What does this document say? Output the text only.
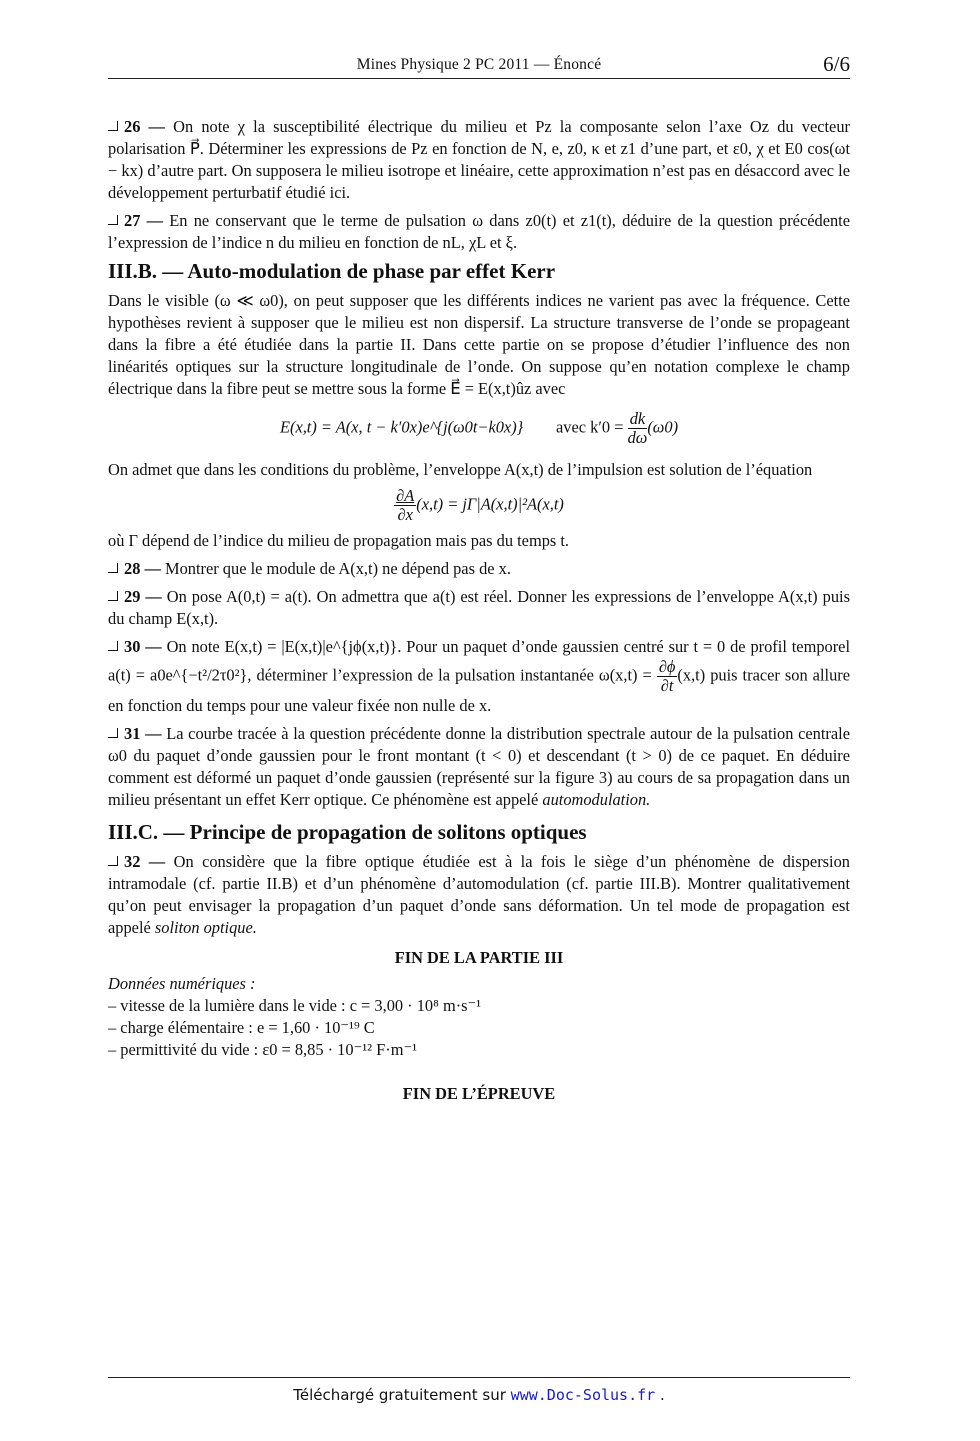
Mines Physique 2 PC 2011 — Énoncé	6/6

26 — On note χ la susceptibilité électrique du milieu et Pz la composante selon l’axe Oz du vecteur polarisation P⃗. Déterminer les expressions de Pz en fonction de N, e, z0, κ et z1 d’une part, et ε0, χ et E0 cos(ωt − kx) d’autre part. On supposera le milieu isotrope et linéaire, cette approximation n’est pas en désaccord avec le développement perturbatif étudié ici.

27 — En ne conservant que le terme de pulsation ω dans z0(t) et z1(t), déduire de la question précédente l’expression de l’indice n du milieu en fonction de nL, χL et ξ.

III.B. — Auto-modulation de phase par effet Kerr

Dans le visible (ω ≪ ω0), on peut supposer que les différents indices ne varient pas avec la fréquence. Cette hypothèses revient à supposer que le milieu est non dispersif. La structure transverse de l’onde se propageant dans la fibre a été étudiée dans la partie II. Dans cette partie on se propose d’étudier l’influence des non linéarités optiques sur la structure longitudinale de l’onde. On suppose qu’en notation complexe le champ électrique dans la fibre peut se mettre sous la forme E⃗ = E(x,t)ûz avec

E(x,t) = A(x, t − k′0x)e^{j(ω0t−k0x)} avec $k'0 = \frac{dk}{d\omega} (\omega 0)$

On admet que dans les conditions du problème, l’enveloppe A(x,t) de l’impulsion est solution de l’équation

$\frac{\partial A}{\partial x} (x,t) = j\Gamma|A(x,t)|^2A(x,t)$

où Γ dépend de l’indice du milieu de propagation mais pas du temps t.

28 — Montrer que le module de A(x,t) ne dépend pas de x.

29 — On pose A(0,t) = a(t). On admettra que a(t) est réel. Donner les expressions de l’enveloppe A(x,t) puis du champ E(x,t).

30 — On note E(x,t) = |E(x,t)|e^{jϕ(x,t)}. Pour un paquet d’onde gaussien centré sur t = 0 de profil temporel a(t) = a0e^{−t²/2τ0²}, déterminer l’expression de la pulsation instantanée $\omega(x,t) = \frac{\partial\phi}{\partial t} (x,t)$ puis tracer son allure en fonction du temps pour une valeur fixée non nulle de x.

31 — La courbe tracée à la question précédente donne la distribution spectrale autour de la pulsation centrale ω0 du paquet d’onde gaussien pour le front montant (t < 0) et descendant (t > 0) de ce paquet. En déduire comment est déformé un paquet d’onde gaussien (représenté sur la figure 3) au cours de sa propagation dans un milieu présentant un effet Kerr optique. Ce phénomène est appelé automodulation.

III.C. — Principe de propagation de solitons optiques

32 — On considère que la fibre optique étudiée est à la fois le siège d’un phénomène de dispersion intramodale (cf. partie II.B) et d’un phénomène d’automodulation (cf. partie III.B). Montrer qualitativement qu’on peut envisager la propagation d’un paquet d’onde sans déformation. Un tel mode de propagation est appelé soliton optique.

FIN DE LA PARTIE III
Données numériques :
– vitesse de la lumière dans le vide : c = 3,00 · 10⁸ m·s⁻¹
– charge élémentaire : e = 1,60 · 10⁻¹⁹ C
– permittivité du vide : ε0 = 8,85 · 10⁻¹² F·m⁻¹
FIN DE L’ÉPREUVE
Téléchargé gratuitement sur www.Doc-Solus.fr .
